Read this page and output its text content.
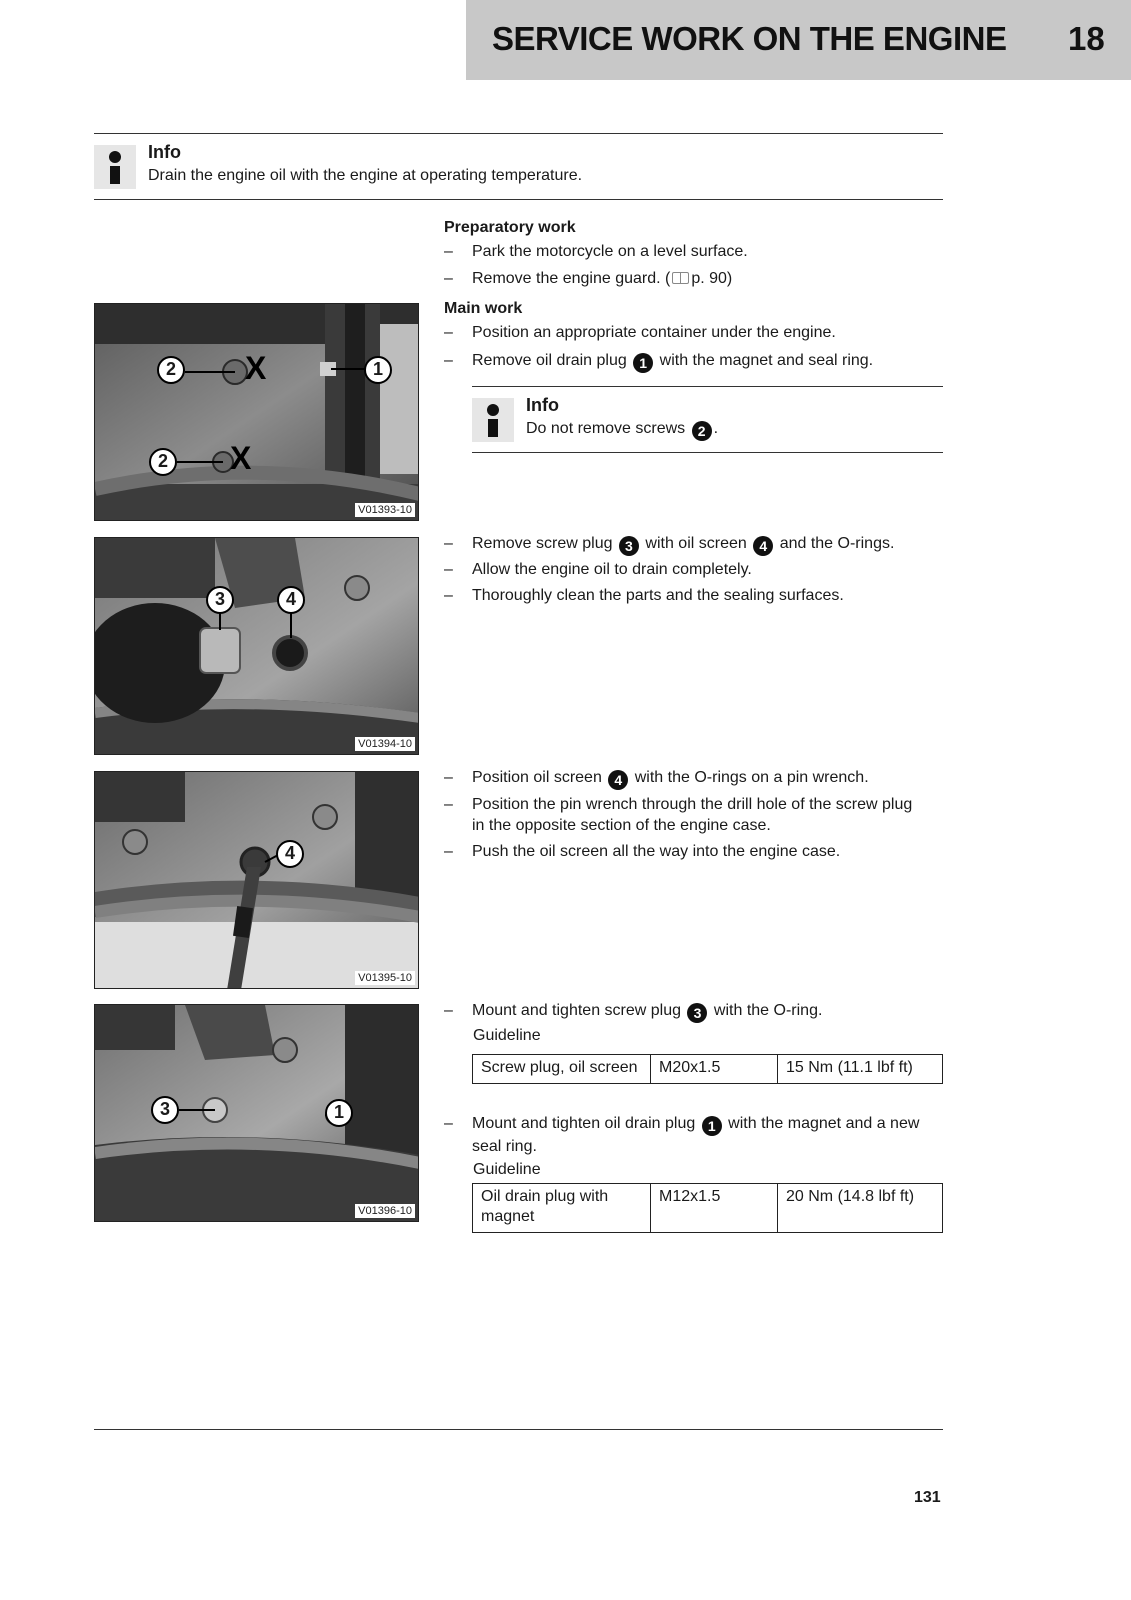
SERVICE WORK ON THE ENGINE 18
Info
Drain the engine oil with the engine at operating temperature.
Preparatory work
– Park the motorcycle on a level surface.
– Remove the engine guard. ( p. 90)
Main work
– Position an appropriate container under the engine.
– Remove oil drain plug 1 with the magnet and seal ring.
Info
Do not remove screws 2 .
2
2
1
X
X
V01393-10
3	4
V01394-10
– Remove screw plug 3 with oil screen 4 and the O-rings.
– Allow the engine oil to drain completely.
– Thoroughly clean the parts and the sealing surfaces.
4
V01395-10
– Position oil screen 4 with the O-rings on a pin wrench.
– Position the pin wrench through the drill hole of the screw plug in the opposite section of the engine case.
– Push the oil screen all the way into the engine case.
3	1
V01396-10
– Mount and tighten screw plug 3 with the O-ring.
Guideline
Screw plug, oil screen	M20x1.5	15 Nm (11.1 lbf ft)
– Mount and tighten oil drain plug 1 with the magnet and a new seal ring.
Guideline
Oil drain plug with magnet	M12x1.5	20 Nm (14.8 lbf ft)
131
